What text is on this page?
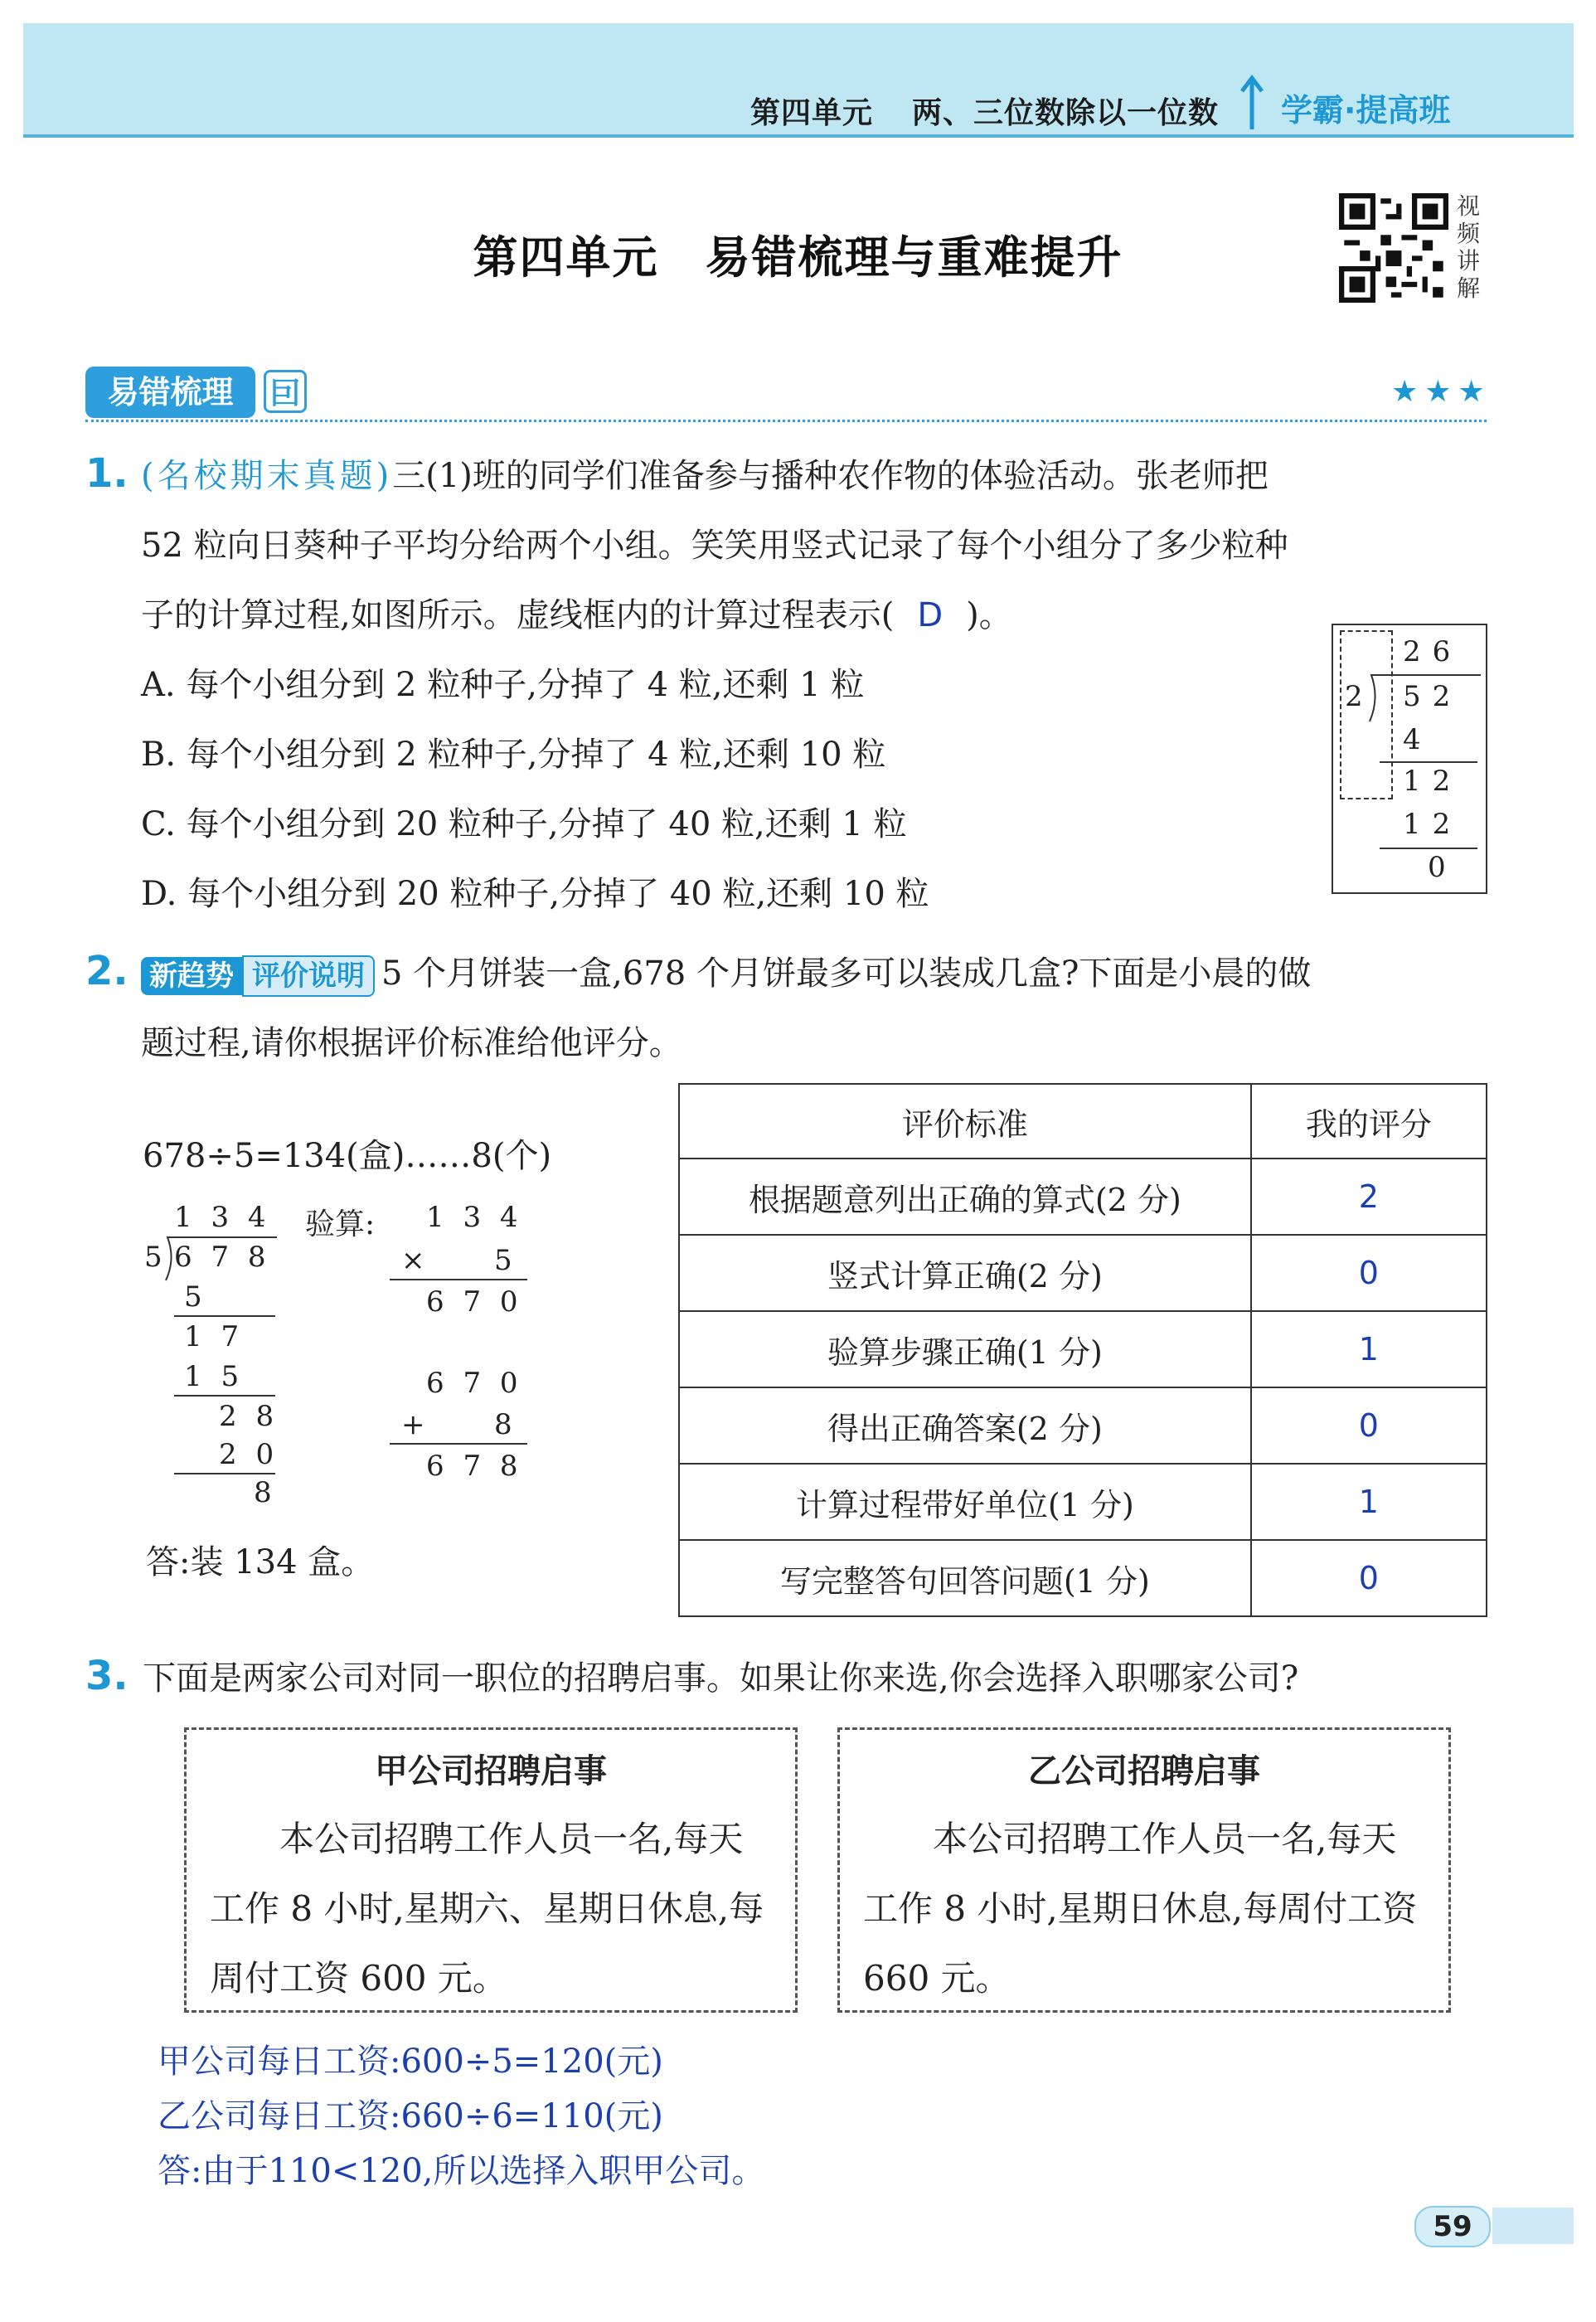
第四单元 两、三位数除以一位数 学霸·提高班
第四单元　易错梳理与重难提升
视
频
讲
解
易错梳理	囙	★★★
1. (名校期末真题)三(1)班的同学们准备参与播种农作物的体验活动。张老师把
52 粒向日葵种子平均分给两个小组。笑笑用竖式记录了每个小组分了多少粒种
子的计算过程,如图所示。虚线框内的计算过程表示( D )。
A. 每个小组分到 2 粒种子,分掉了 4 粒,还剩 1 粒
B. 每个小组分到 2 粒种子,分掉了 4 粒,还剩 10 粒
C. 每个小组分到 20 粒种子,分掉了 40 粒,还剩 1 粒
D. 每个小组分到 20 粒种子,分掉了 40 粒,还剩 10 粒
26
2 52
4
12
12
0
2. 新趋势 评价说明 5 个月饼装一盒,678 个月饼最多可以装成几盒?下面是小晨的做
题过程,请你根据评价标准给他评分。
678÷5=134(盒)……8(个)
1 3 4
5 6 7 8
5
1 7
1 5
2 8
2 0
8
验算: 1 3 4
× 5
6 7 0
6 7 0
+ 8
6 7 8
答:装 134 盒。
评价标准	我的评分
根据题意列出正确的算式(2 分)	2
竖式计算正确(2 分)	0
验算步骤正确(1 分)	1
得出正确答案(2 分)	0
计算过程带好单位(1 分)	1
写完整答句回答问题(1 分)	0
3. 下面是两家公司对同一职位的招聘启事。如果让你来选,你会选择入职哪家公司?
甲公司招聘启事
本公司招聘工作人员一名,每天工作 8 小时,星期六、星期日休息,每周付工资 600 元。
乙公司招聘启事
本公司招聘工作人员一名,每天工作 8 小时,星期日休息,每周付工资 660 元。
甲公司每日工资:600÷5=120(元)
乙公司每日工资:660÷6=110(元)
答:由于110<120,所以选择入职甲公司。
59
